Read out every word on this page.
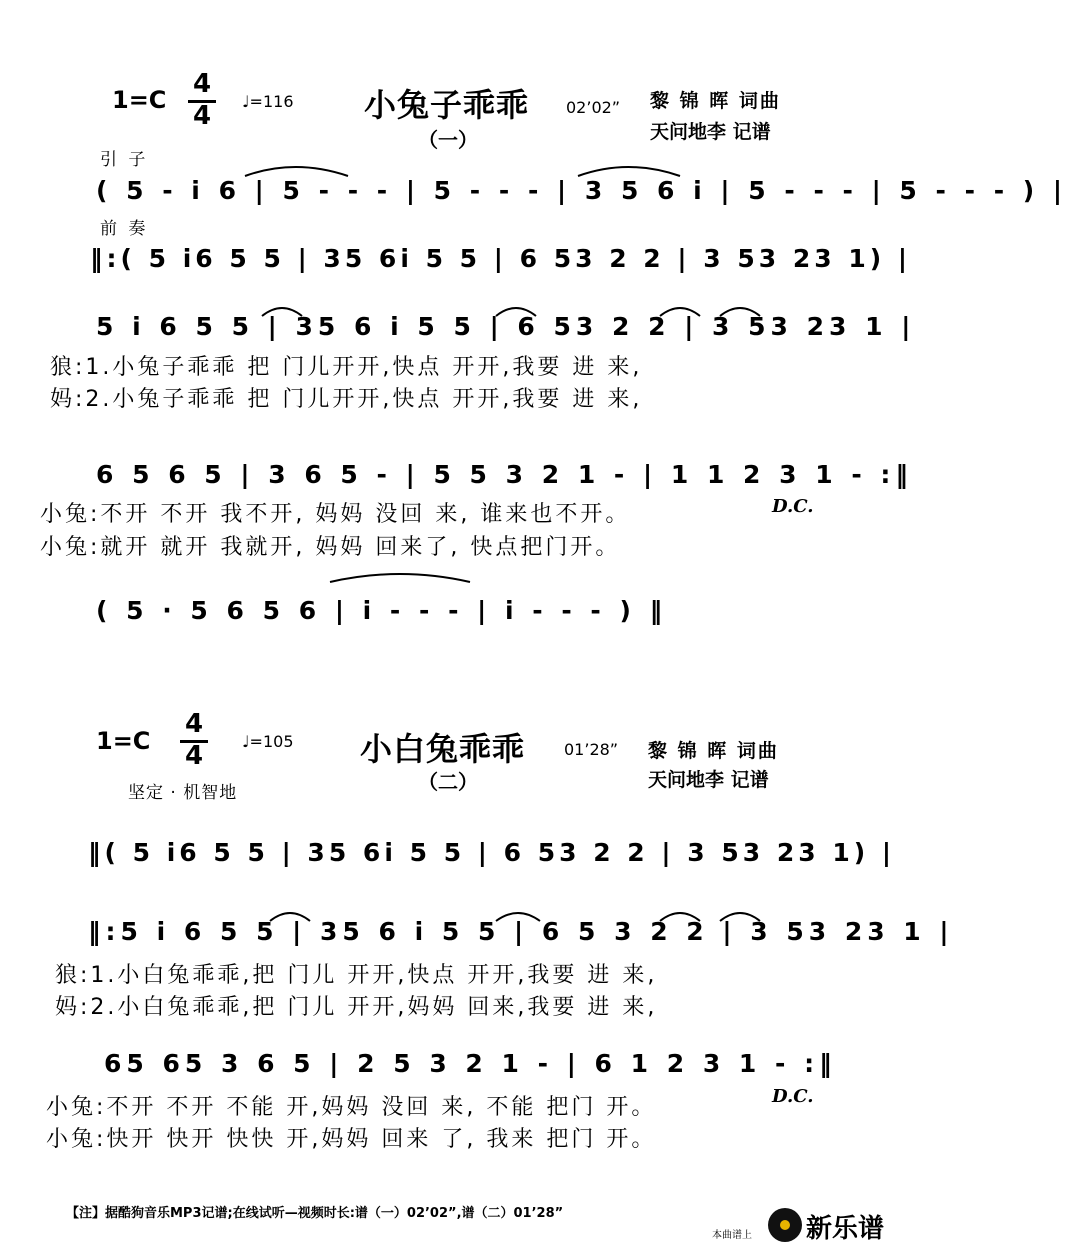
1=C
4
4	♩=116 小兔子乖乖 02’02” 黎 锦 晖 词曲
天问地李 记谱
（一）
引 子
( 5 - i 6 | 5 - - - | 5 - - - | 3 5 6 i | 5 - - - | 5 - - - ) |
前 奏
‖:( 5 i6 5 5 | 35 6i 5 5 | 6 53 2 2 | 3 53 23 1) |
5 i 6 5 5 | 35 6 i 5 5 | 6 53 2 2 | 3 53 23 1 |
狼:1.小兔子乖乖 把 门儿开开,快点 开开,我要 进 来,
妈:2.小兔子乖乖 把 门儿开开,快点 开开,我要 进 来,
6 5 6 5 | 3 6 5 - | 5 5 3 2 1 - | 1 1 2 3 1 - :‖
小兔:不开 不开 我不开, 妈妈 没回 来, 谁来也不开。
小兔:就开 就开 我就开, 妈妈 回来了, 快点把门开。
D.C.
( 5 · 5 6 5 6 | i - - - | i - - - ) ‖
1=C
4
4	♩=105 小白兔乖乖 01’28” 黎 锦 晖 词曲
天问地李 记谱
（二）
坚定 · 机智地
‖( 5 i6 5 5 | 35 6i 5 5 | 6 53 2 2 | 3 53 23 1) |
‖:5 i 6 5 5 | 35 6 i 5 5 | 6 5 3 2 2 | 3 53 23 1 |
狼:1.小白兔乖乖,把 门儿 开开,快点 开开,我要 进 来,
妈:2.小白兔乖乖,把 门儿 开开,妈妈 回来,我要 进 来,
65 65 3 6 5 | 2 5 3 2 1 - | 6 1 2 3 1 - :‖
小兔:不开 不开 不能 开,妈妈 没回 来, 不能 把门 开。
小兔:快开 快开 快快 开,妈妈 回来 了, 我来 把门 开。
D.C.
【注】据酷狗音乐MP3记谱;在线试听—视频时长:谱（一）02’02”,谱（二）01’28”
本曲谱上 新乐谱
